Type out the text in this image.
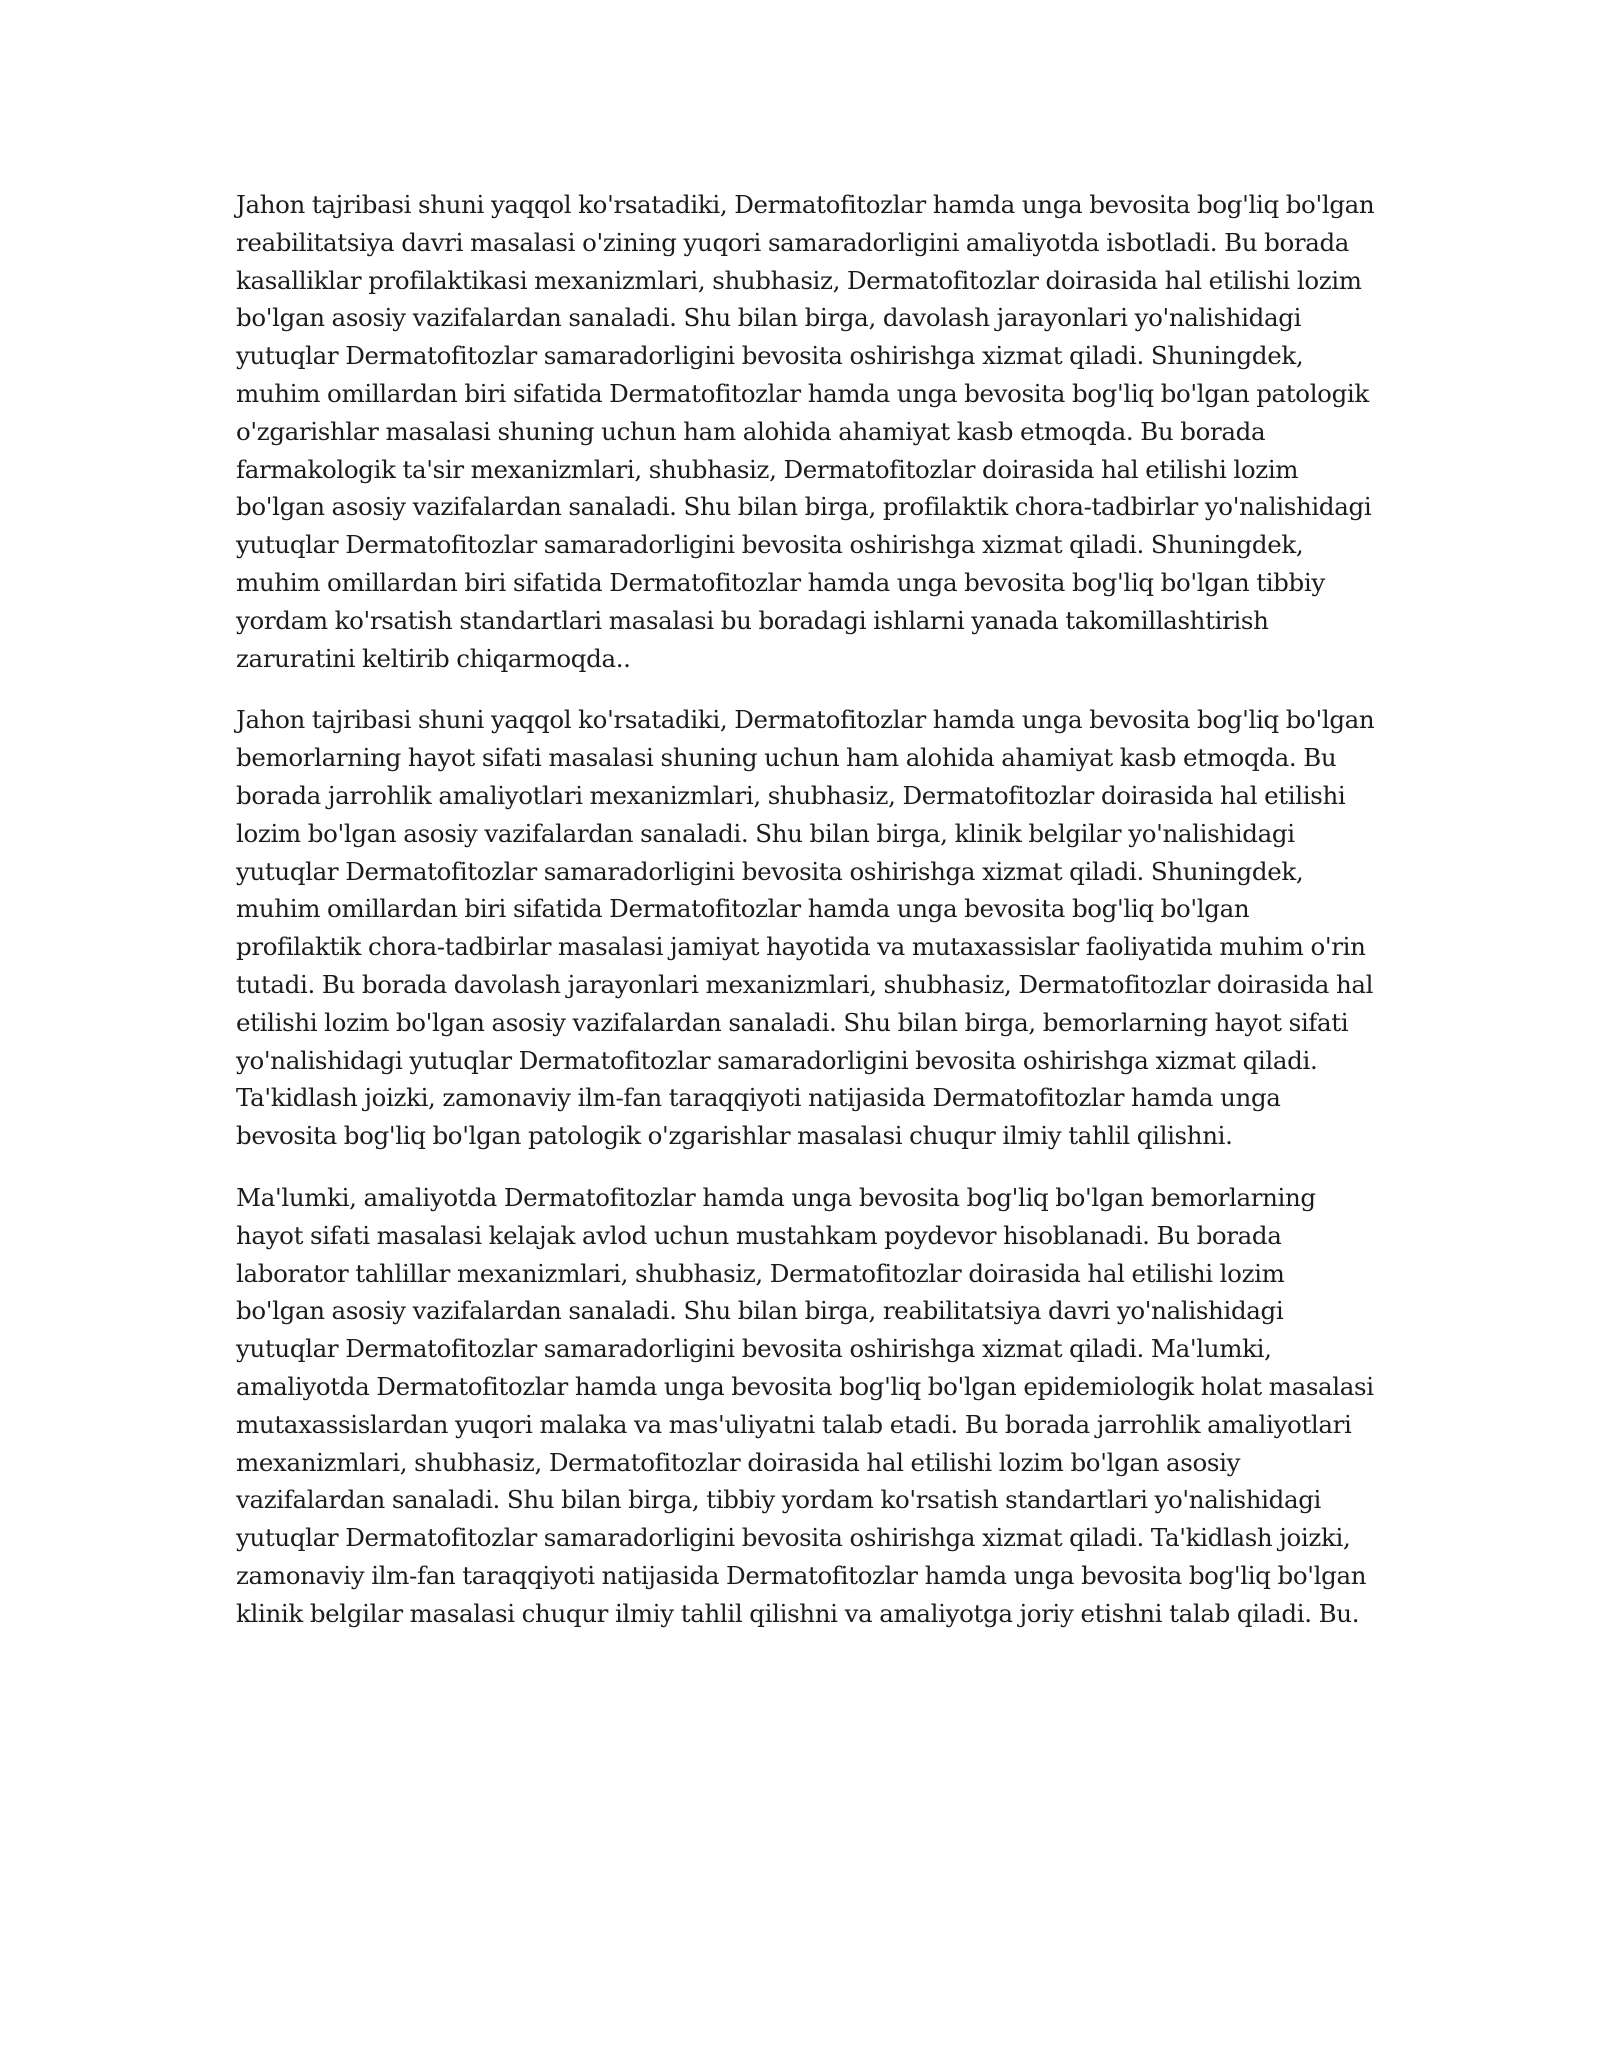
Jahon tajribasi shuni yaqqol ko'rsatadiki, Dermatofitozlar hamda unga bevosita bog'liq bo'lgan reabilitatsiya davri masalasi o'zining yuqori samaradorligini amaliyotda isbotladi. Bu borada kasalliklar profilaktikasi mexanizmlari, shubhasiz, Dermatofitozlar doirasida hal etilishi lozim bo'lgan asosiy vazifalardan sanaladi. Shu bilan birga, davolash jarayonlari yo'nalishidagi yutuqlar Dermatofitozlar samaradorligini bevosita oshirishga xizmat qiladi. Shuningdek, muhim omillardan biri sifatida Dermatofitozlar hamda unga bevosita bog'liq bo'lgan patologik o'zgarishlar masalasi shuning uchun ham alohida ahamiyat kasb etmoqda. Bu borada farmakologik ta'sir mexanizmlari, shubhasiz, Dermatofitozlar doirasida hal etilishi lozim bo'lgan asosiy vazifalardan sanaladi. Shu bilan birga, profilaktik chora-tadbirlar yo'nalishidagi yutuqlar Dermatofitozlar samaradorligini bevosita oshirishga xizmat qiladi. Shuningdek, muhim omillardan biri sifatida Dermatofitozlar hamda unga bevosita bog'liq bo'lgan tibbiy yordam ko'rsatish standartlari masalasi bu boradagi ishlarni yanada takomillashtirish zaruratini keltirib chiqarmoqda..

Jahon tajribasi shuni yaqqol ko'rsatadiki, Dermatofitozlar hamda unga bevosita bog'liq bo'lgan bemorlarning hayot sifati masalasi shuning uchun ham alohida ahamiyat kasb etmoqda. Bu borada jarrohlik amaliyotlari mexanizmlari, shubhasiz, Dermatofitozlar doirasida hal etilishi lozim bo'lgan asosiy vazifalardan sanaladi. Shu bilan birga, klinik belgilar yo'nalishidagi yutuqlar Dermatofitozlar samaradorligini bevosita oshirishga xizmat qiladi. Shuningdek, muhim omillardan biri sifatida Dermatofitozlar hamda unga bevosita bog'liq bo'lgan profilaktik chora-tadbirlar masalasi jamiyat hayotida va mutaxassislar faoliyatida muhim o'rin tutadi. Bu borada davolash jarayonlari mexanizmlari, shubhasiz, Dermatofitozlar doirasida hal etilishi lozim bo'lgan asosiy vazifalardan sanaladi. Shu bilan birga, bemorlarning hayot sifati yo'nalishidagi yutuqlar Dermatofitozlar samaradorligini bevosita oshirishga xizmat qiladi. Ta'kidlash joizki, zamonaviy ilm-fan taraqqiyoti natijasida Dermatofitozlar hamda unga bevosita bog'liq bo'lgan patologik o'zgarishlar masalasi chuqur ilmiy tahlil qilishni.

Ma'lumki, amaliyotda Dermatofitozlar hamda unga bevosita bog'liq bo'lgan bemorlarning hayot sifati masalasi kelajak avlod uchun mustahkam poydevor hisoblanadi. Bu borada laborator tahlillar mexanizmlari, shubhasiz, Dermatofitozlar doirasida hal etilishi lozim bo'lgan asosiy vazifalardan sanaladi. Shu bilan birga, reabilitatsiya davri yo'nalishidagi yutuqlar Dermatofitozlar samaradorligini bevosita oshirishga xizmat qiladi. Ma'lumki, amaliyotda Dermatofitozlar hamda unga bevosita bog'liq bo'lgan epidemiologik holat masalasi mutaxassislardan yuqori malaka va mas'uliyatni talab etadi. Bu borada jarrohlik amaliyotlari mexanizmlari, shubhasiz, Dermatofitozlar doirasida hal etilishi lozim bo'lgan asosiy vazifalardan sanaladi. Shu bilan birga, tibbiy yordam ko'rsatish standartlari yo'nalishidagi yutuqlar Dermatofitozlar samaradorligini bevosita oshirishga xizmat qiladi. Ta'kidlash joizki, zamonaviy ilm-fan taraqqiyoti natijasida Dermatofitozlar hamda unga bevosita bog'liq bo'lgan klinik belgilar masalasi chuqur ilmiy tahlil qilishni va amaliyotga joriy etishni talab qiladi. Bu.
